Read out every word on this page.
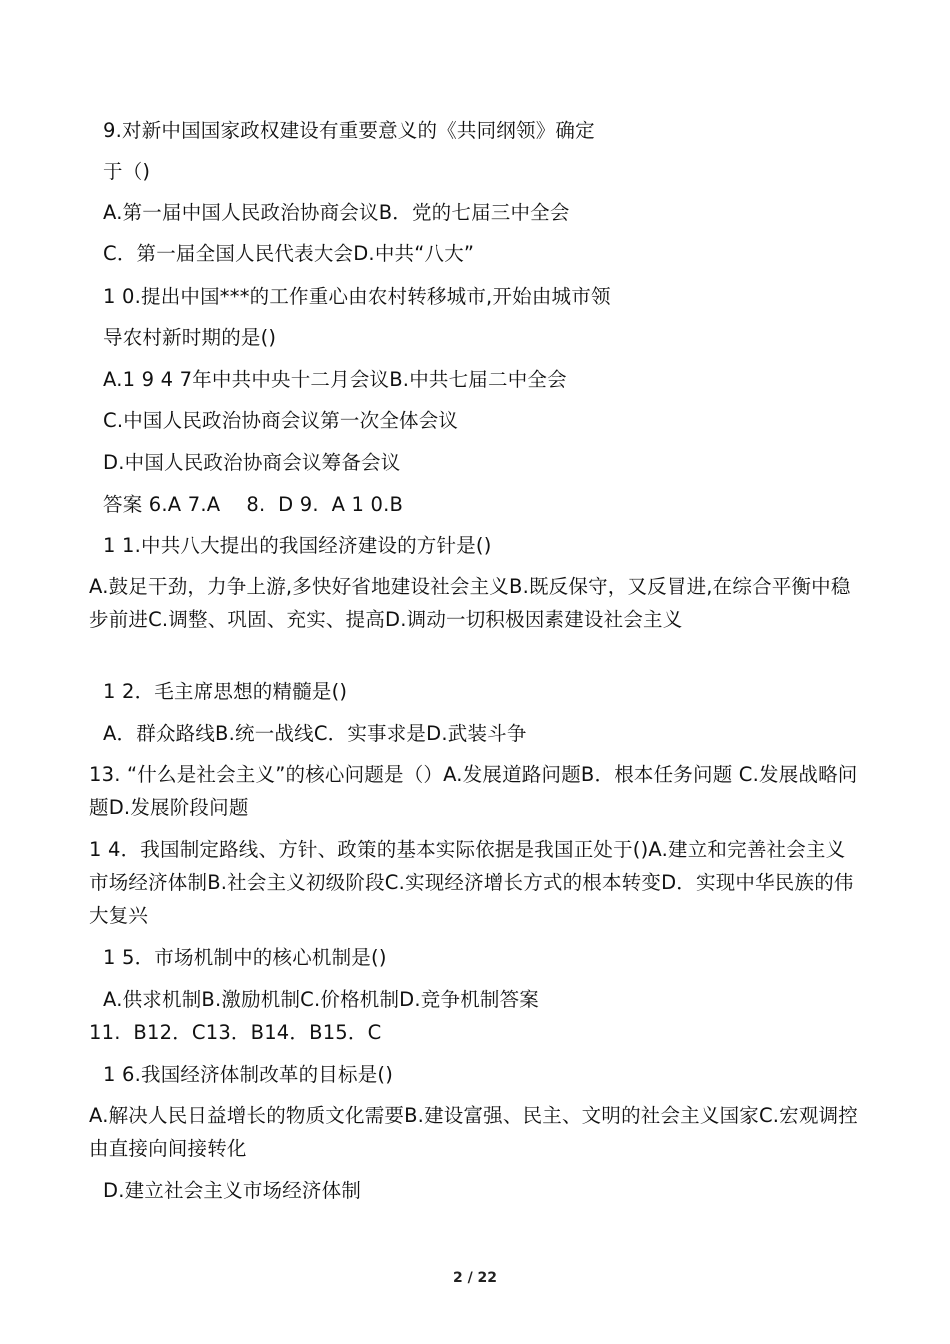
9.对新中国国家政权建设有重要意义的《共同纲领》确定
于（)
A.第一届中国人民政治协商会议B．党的七届三中全会
C．第一届全国人民代表大会D.中共“八大”
1 0.提出中国***的工作重心由农村转移城市,开始由城市领
导农村新时期的是()
A.1 9 4 7年中共中央十二月会议B.中共七届二中全会
C.中国人民政治协商会议第一次全体会议
D.中国人民政治协商会议筹备会议
答案 6.A 7.A　 8.  D 9.  A 1 0.B
1 1.中共八大提出的我国经济建设的方针是()
A.鼓足干劲，力争上游,多快好省地建设社会主义B.既反保守，又反冒进,在综合平衡中稳步前进C.调整、巩固、充实、提高D.调动一切积极因素建设社会主义
1 2．毛主席思想的精髓是()
A．群众路线B.统一战线C．实事求是D.武装斗争
13. “什么是社会主义”的核心问题是（）A.发展道路问题B．根本任务问题 C.发展战略问题D.发展阶段问题
1 4．我国制定路线、方针、政策的基本实际依据是我国正处于()A.建立和完善社会主义市场经济体制B.社会主义初级阶段C.实现经济增长方式的根本转变D．实现中华民族的伟大复兴
1 5．市场机制中的核心机制是()
A.供求机制B.激励机制C.价格机制D.竞争机制答案
11.  B12．C13．B14．B15．C
1 6.我国经济体制改革的目标是()
A.解决人民日益增长的物质文化需要B.建设富强、民主、文明的社会主义国家C.宏观调控由直接向间接转化
D.建立社会主义市场经济体制
2 / 22
